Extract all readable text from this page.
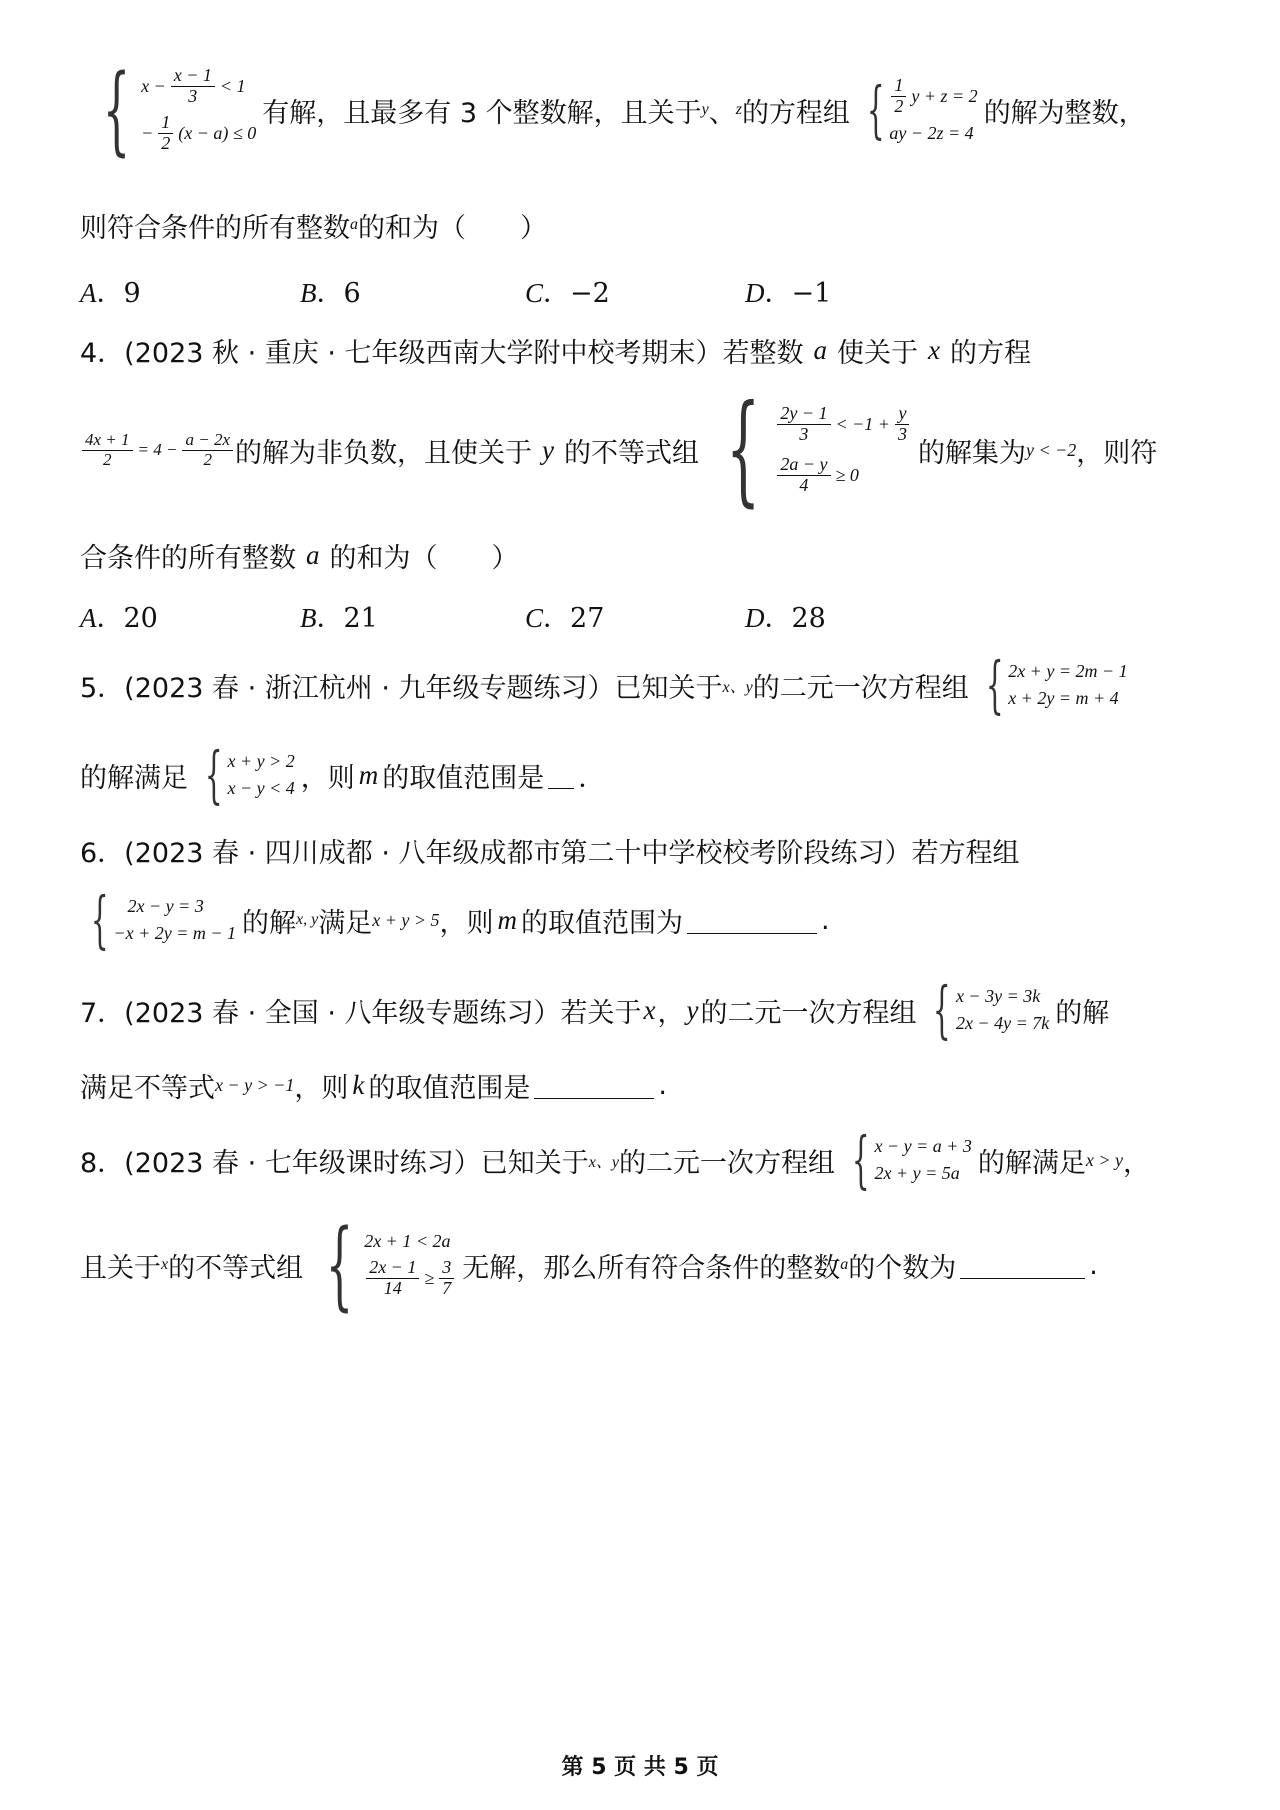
{ $x - \frac{x - 1}{3} < 1$
− $\frac{1}{2} (x - a) \le 0$
有解，且最多有 3 个整数解，且关于 y 、 z 的方程组 { $\frac{1}{2}$ y + z = 2
ay − 2z = 4
的解为整数，
则符合条件的所有整数 a 的和为（　　）
A．9	B．6	C．−2	D．−1
4．(2023 秋 · 重庆 · 七年级西南大学附中校考期末）若整数 a 使关于 x 的方程
$\frac{4x + 1}{2} = 4 - \frac{a - 2x}{2}$ 的解为非负数，且使关于 y 的不等式组 { $\frac{2y - 1}{3} < -1 + \frac{y}{3}$
$\frac{2a - y}{4} \ge 0$
的解集为 y < −2 ，则符
合条件的所有整数 a 的和为（　　）
A．20	B．21	C．27	D．28
5．(2023 春 · 浙江杭州 · 九年级专题练习）已知关于 x、y 的二元一次方程组 { 2x + y = 2m − 1
x + 2y = m + 4
的解满足 { x + y > 2
x − y < 4 ，则 m 的取值范围是 ．
6．(2023 春 · 四川成都 · 八年级成都市第二十中学校校考阶段练习）若方程组
{	2x − y = 3
−x + 2y = m − 1 的解 x, y 满足 x + y > 5 ，则 m 的取值范围为	.
7．(2023 春 · 全国 · 八年级专题练习）若关于 x ， y 的二元一次方程组 { x − 3y = 3k
2x − 4y = 7k 的解
满足不等式 x − y > −1 ，则 k 的取值范围是	.
8．(2023 春 · 七年级课时练习）已知关于 x、y 的二元一次方程组 { x − y = a + 3
2x + y = 5a 的解满足 x > y ，
且关于 x 的不等式组 { 2x + 1 < 2a
$\frac{2x - 1}{14} \ge \frac{3}{7}$ 无解，那么所有符合条件的整数 a 的个数为	.
第 5 页 共 5 页
